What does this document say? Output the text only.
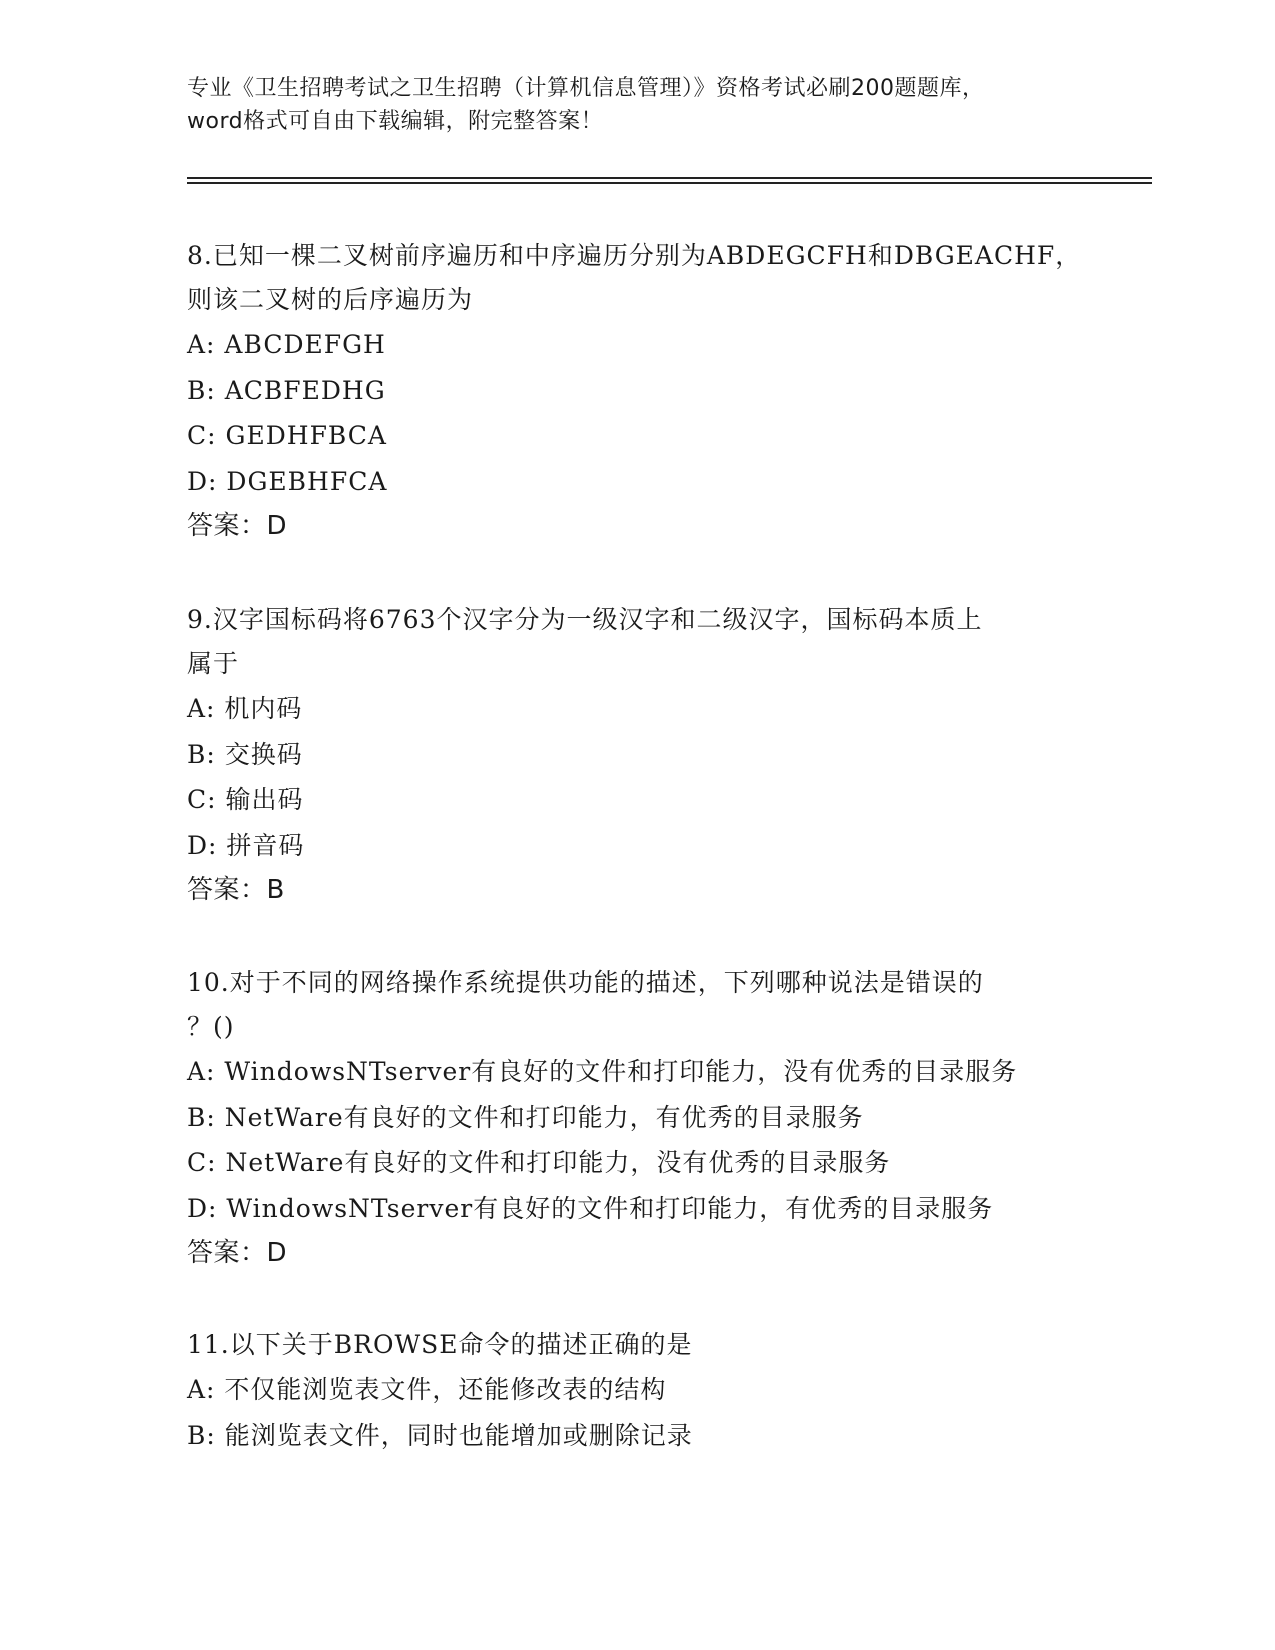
专业《卫生招聘考试之卫生招聘（计算机信息管理）》资格考试必刷200题题库，
word格式可自由下载编辑，附完整答案！
8.已知一棵二叉树前序遍历和中序遍历分别为ABDEGCFH和DBGEACHF，
则该二叉树的后序遍历为
A: ABCDEFGH
B: ACBFEDHG
C: GEDHFBCA
D: DGEBHFCA
答案：D
9.汉字国标码将6763个汉字分为一级汉字和二级汉字，国标码本质上
属于
A: 机内码
B: 交换码
C: 输出码
D: 拼音码
答案：B
10.对于不同的网络操作系统提供功能的描述，下列哪种说法是错误的
？()
A: WindowsNTserver有良好的文件和打印能力，没有优秀的目录服务
B: NetWare有良好的文件和打印能力，有优秀的目录服务
C: NetWare有良好的文件和打印能力，没有优秀的目录服务
D: WindowsNTserver有良好的文件和打印能力，有优秀的目录服务
答案：D
11.以下关于BROWSE命令的描述正确的是
A: 不仅能浏览表文件，还能修改表的结构
B: 能浏览表文件，同时也能增加或删除记录
